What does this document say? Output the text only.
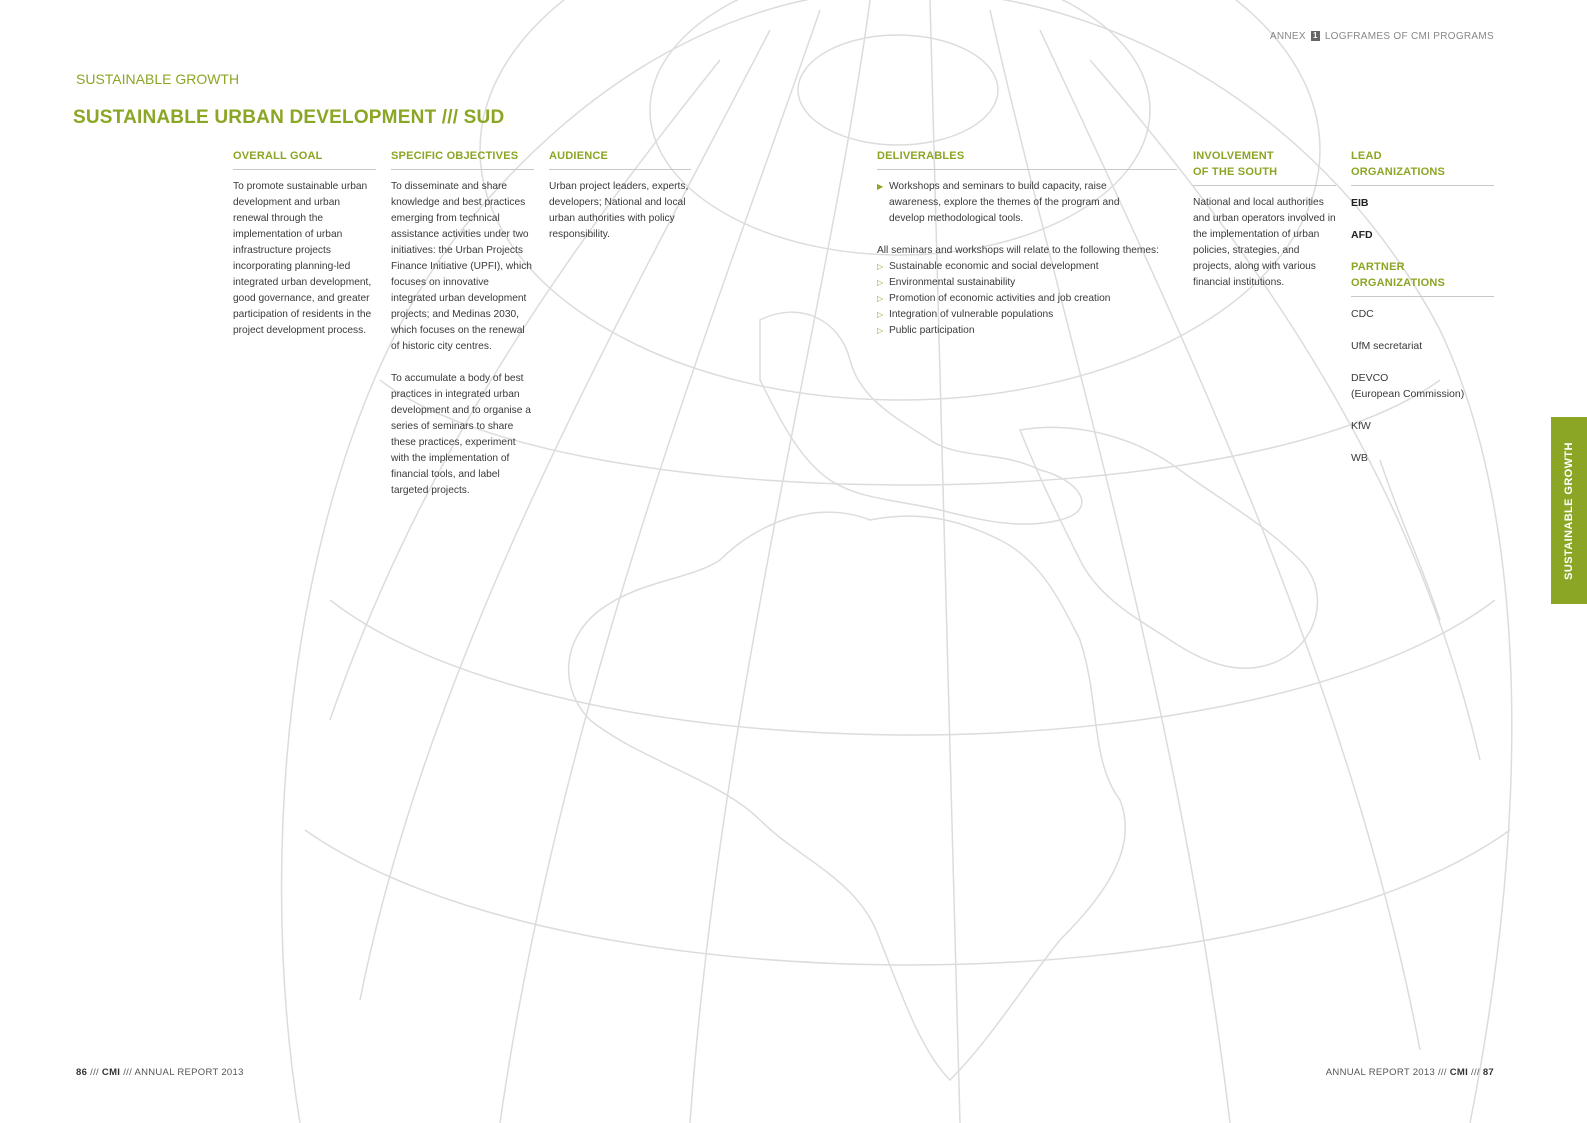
ANNEX 1 LOGFRAMES OF CMI PROGRAMS
SUSTAINABLE GROWTH
SUSTAINABLE URBAN DEVELOPMENT /// SUD
OVERALL GOAL

To promote sustainable urban development and urban renewal through the implementation of urban infrastructure projects incorporating planning-led integrated urban development, good governance, and greater participation of residents in the project development process.

SPECIFIC OBJECTIVES

To disseminate and share knowledge and best practices emerging from technical assistance activities under two initiatives: the Urban Projects Finance Initiative (UPFI), which focuses on innovative integrated urban development projects; and Medinas 2030, which focuses on the renewal of historic city centres.

To accumulate a body of best practices in integrated urban development and to organise a series of seminars to share these practices, experiment with the implementation of financial tools, and label targeted projects.

AUDIENCE

Urban project leaders, experts, developers; National and local urban authorities with policy responsibility.

DELIVERABLES
▶ Workshops and seminars to build capacity, raise awareness, explore the themes of the program and develop methodological tools.
All seminars and workshops will relate to the following themes:
▷ Sustainable economic and social development
▷ Environmental sustainability
▷ Promotion of economic activities and job creation
▷ Integration of vulnerable populations
▷ Public participation
INVOLVEMENT
OF THE SOUTH

National and local authorities and urban operators involved in the implementation of urban policies, strategies, and projects, along with various financial institutions.

LEAD
ORGANIZATIONS
EIB
AFD
PARTNER
ORGANIZATIONS
CDC
UfM secretariat
DEVCO
(European Commission)
KfW
WB	SUSTAINABLE GROWTH
86 /// CMI /// ANNUAL REPORT 2013	ANNUAL REPORT 2013 /// CMI /// 87
